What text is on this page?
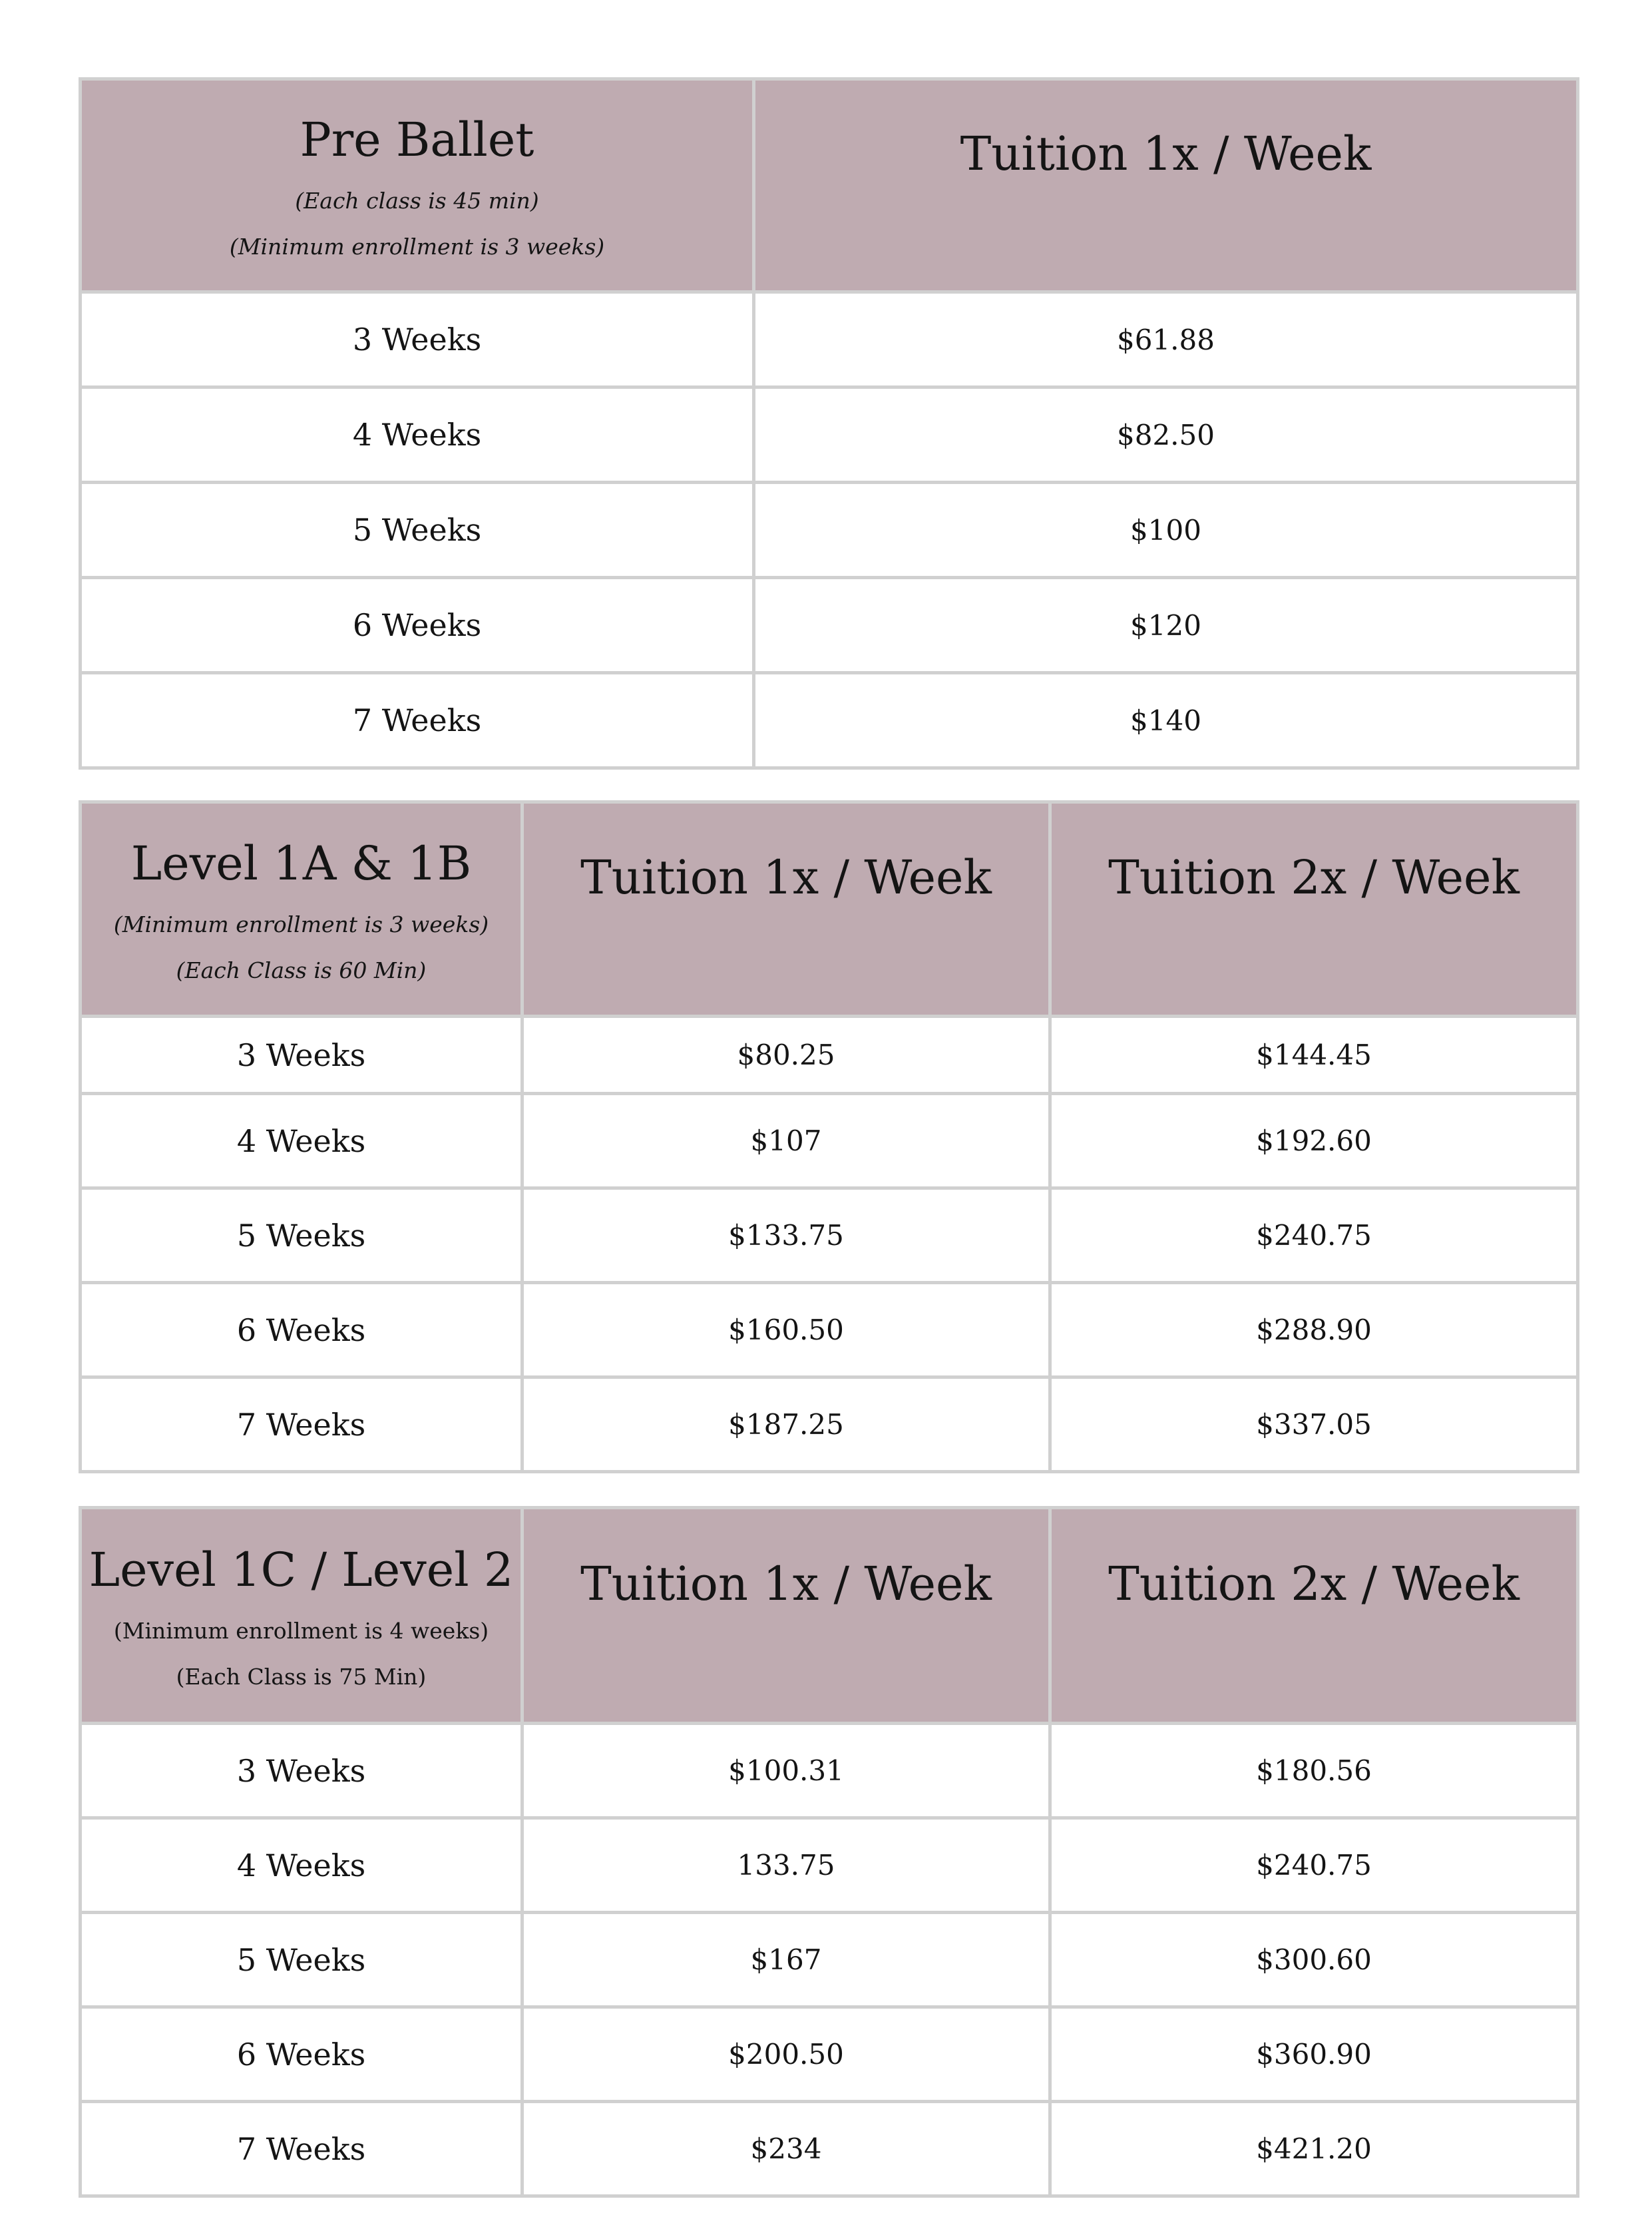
Pre Ballet
(Each class is 45 min)
(Minimum enrollment is 3 weeks)	Tuition 1x / Week

3 Weeks	$61.88
4 Weeks	$82.50
5 Weeks	$100
6 Weeks	$120
7 Weeks	$140
Level 1A & 1B
(Minimum enrollment is 3 weeks)
(Each Class is 60 Min)	Tuition 1x / Week	Tuition 2x / Week

3 Weeks	$80.25	$144.45
4 Weeks	$107	$192.60
5 Weeks	$133.75	$240.75
6 Weeks	$160.50	$288.90
7 Weeks	$187.25	$337.05
Level 1C / Level 2
(Minimum enrollment is 4 weeks)
(Each Class is 75 Min)	Tuition 1x / Week	Tuition 2x / Week

3 Weeks	$100.31	$180.56
4 Weeks	133.75	$240.75
5 Weeks	$167	$300.60
6 Weeks	$200.50	$360.90
7 Weeks	$234	$421.20
